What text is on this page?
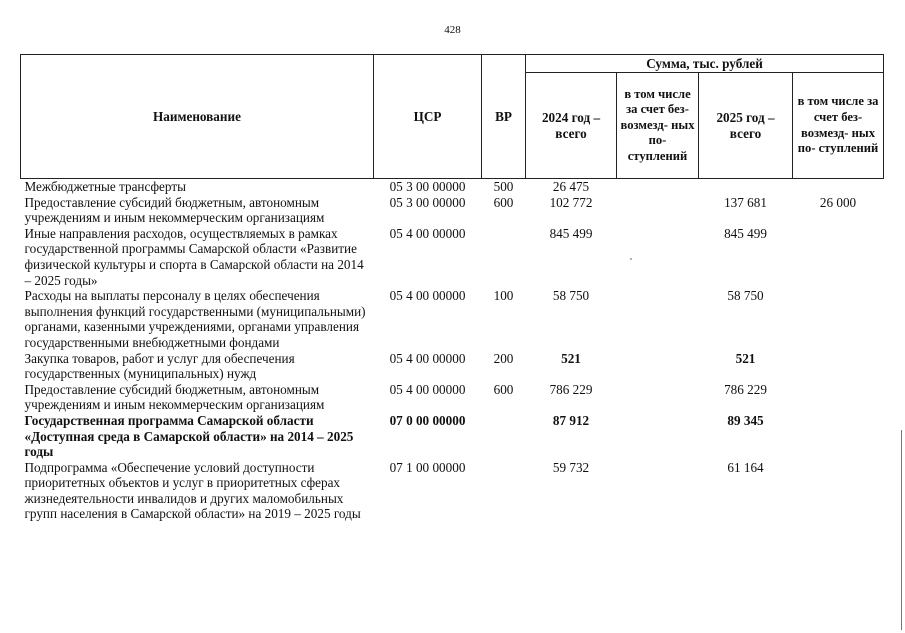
428
Наименование	ЦСР	ВР	Сумма, тыс. рублей			
			2024 год – всего	в том числе за счет без- возмезд- ных по- ступлений	2025 год – всего	в том числе за счет без- возмезд- ных по- ступлений
Межбюджетные трансферты	05 3 00 00000	500	26 475			
Предоставление субсидий бюджетным, автономным учреждениям и иным некоммерческим организациям	05 3 00 00000	600	102 772		137 681	26 000
Иные направления расходов, осуществляемых в рамках государственной программы Самарской области «Развитие физической культуры и спорта в Самарской области на 2014 – 2025 годы»	05 4 00 00000		845 499		845 499	
Расходы на выплаты персоналу в целях обеспечения выполнения функций государственными (муниципальными) органами, казенными учреждениями, органами управления государственными внебюджетными фондами	05 4 00 00000	100	58 750		58 750	
Закупка товаров, работ и услуг для обеспечения государственных (муниципальных) нужд	05 4 00 00000	200	521		521	
Предоставление субсидий бюджетным, автономным учреждениям и иным некоммерческим организациям	05 4 00 00000	600	786 229		786 229	
Государственная программа Самарской области «Доступная среда в Самарской области» на 2014 – 2025 годы	07 0 00 00000		87 912		89 345	
Подпрограмма «Обеспечение условий доступности приоритетных объектов и услуг в приоритетных сферах жизнедеятельности инвалидов и других маломобильных групп населения в Самарской области» на 2019 – 2025 годы	07 1 00 00000		59 732		61 164	
